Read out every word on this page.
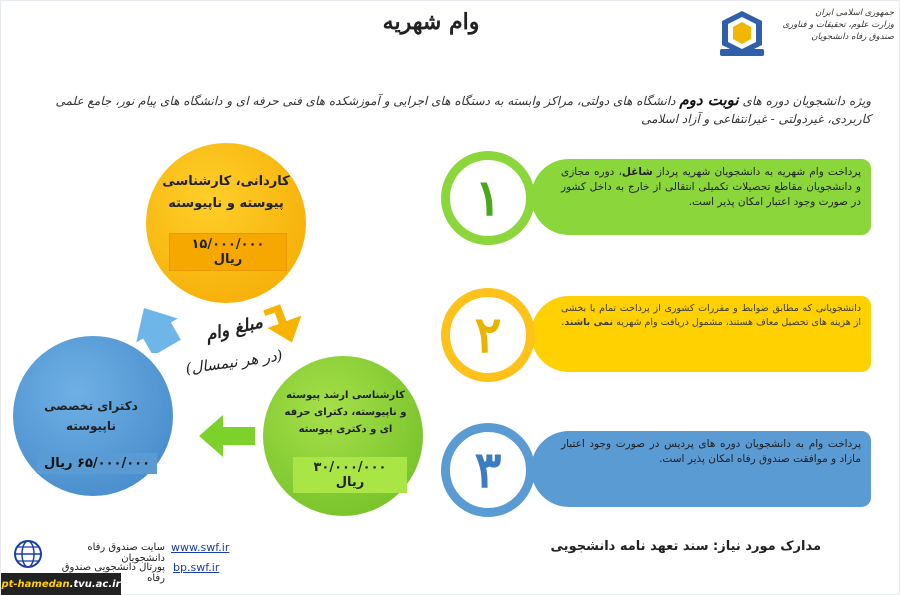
وام شهریه	جمهوری اسلامی ایران
وزارت علوم، تحقیقات و فناوری
صندوق رفاه دانشجویان
ویژه دانشجویان دوره های نوبت دوم دانشگاه های دولتی، مراکز وابسته به دستگاه های اجرایی و آموزشکده های فنی حرفه ای و دانشگاه های پیام نور، جامع علمی کاربردی، غیردولتی - غیرانتفاعی و آزاد اسلامی
۱	پرداخت وام شهریه به دانشجویان شهریه پرداز شاغل، دوره مجازی و دانشجویان مقاطع تحصیلات تکمیلی انتقالی از خارج به داخل کشور در صورت وجود اعتبار امکان پذیر است.
۲	دانشجویانی که مطابق ضوابط و مقررات کشوری از پرداخت تمام یا بخشی از هزینه های تحصیل معاف هستند، مشمول دریافت وام شهریه نمی باشند.
۳	پرداخت وام به دانشجویان دوره های پردیس در صورت وجود اعتبار مازاد و موافقت صندوق رفاه امکان پذیر است.
کاردانی، کارشناسی پیوسته و ناپیوسته
۱۵/۰۰۰/۰۰۰ ریال
کارشناسی ارشد پیوسته و ناپیوسته، دکترای حرفه ای و دکتری پیوسته
۳۰/۰۰۰/۰۰۰ ریال
دکترای تخصصی ناپیوسته
۶۵/۰۰۰/۰۰۰ ریال
مبلغ وام
(در هر نیمسال)
مدارک مورد نیاز: سند تعهد نامه دانشجویی
سایت صندوق رفاه دانشجویان
www.swf.ir
پورتال دانشجویی صندوق رفاه
bp.swf.ir
pt-hamedan .tvu.ac.ir
